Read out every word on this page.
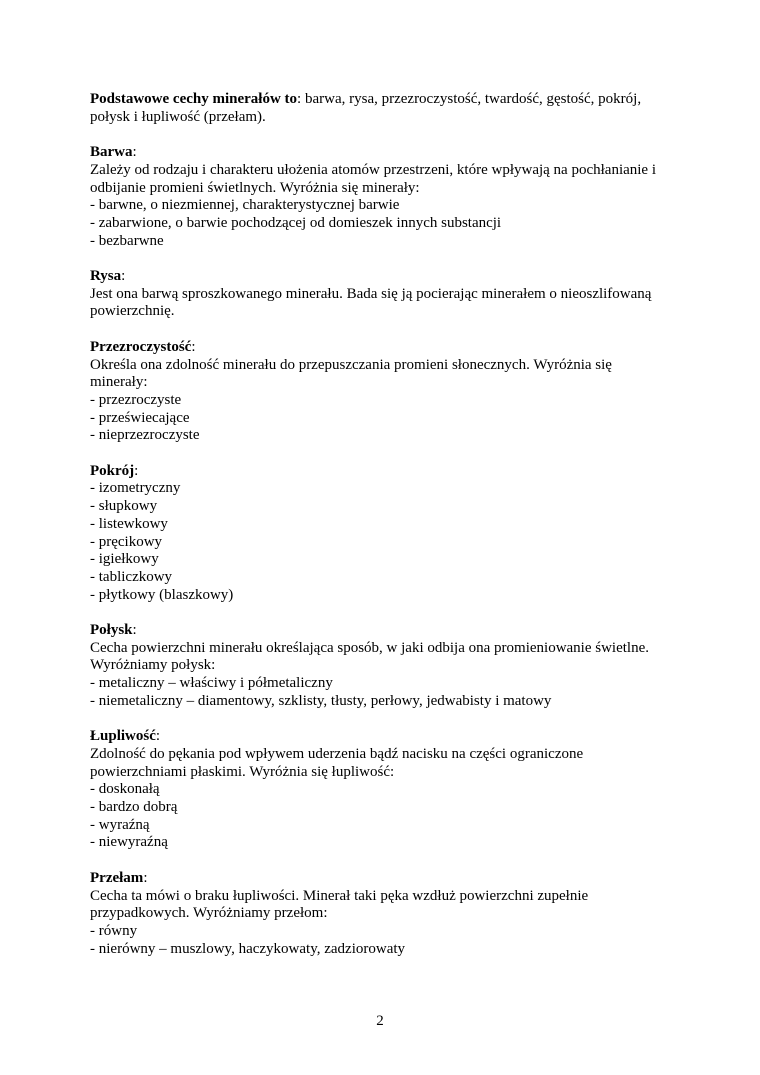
Podstawowe cechy minerałów to: barwa, rysa, przezroczystość, twardość, gęstość, pokrój,
połysk i łupliwość (przełam).
Barwa:
Zależy od rodzaju i charakteru ułożenia atomów przestrzeni, które wpływają na pochłanianie i
odbijanie promieni świetlnych. Wyróżnia się minerały:
- barwne, o niezmiennej, charakterystycznej barwie
- zabarwione, o barwie pochodzącej od domieszek innych substancji
- bezbarwne
Rysa:
Jest ona barwą sproszkowanego minerału. Bada się ją pocierając minerałem o nieoszlifowaną
powierzchnię.
Przezroczystość:
Określa ona zdolność minerału do przepuszczania promieni słonecznych. Wyróżnia się
minerały:
- przezroczyste
- przeświecające
- nieprzezroczyste
Pokrój:
- izometryczny
- słupkowy
- listewkowy
- pręcikowy
- igiełkowy
- tabliczkowy
- płytkowy (blaszkowy)
Połysk:
Cecha powierzchni minerału określająca sposób, w jaki odbija ona promieniowanie świetlne.
Wyróżniamy połysk:
- metaliczny – właściwy i półmetaliczny
- niemetaliczny – diamentowy, szklisty, tłusty, perłowy, jedwabisty i matowy
Łupliwość:
Zdolność do pękania pod wpływem uderzenia bądź nacisku na części ograniczone
powierzchniami płaskimi. Wyróżnia się łupliwość:
- doskonałą
- bardzo dobrą
- wyraźną
- niewyraźną
Przełam:
Cecha ta mówi o braku łupliwości. Minerał taki pęka wzdłuż powierzchni zupełnie
przypadkowych. Wyróżniamy przełom:
- równy
- nierówny – muszlowy, haczykowaty, zadziorowaty
2
